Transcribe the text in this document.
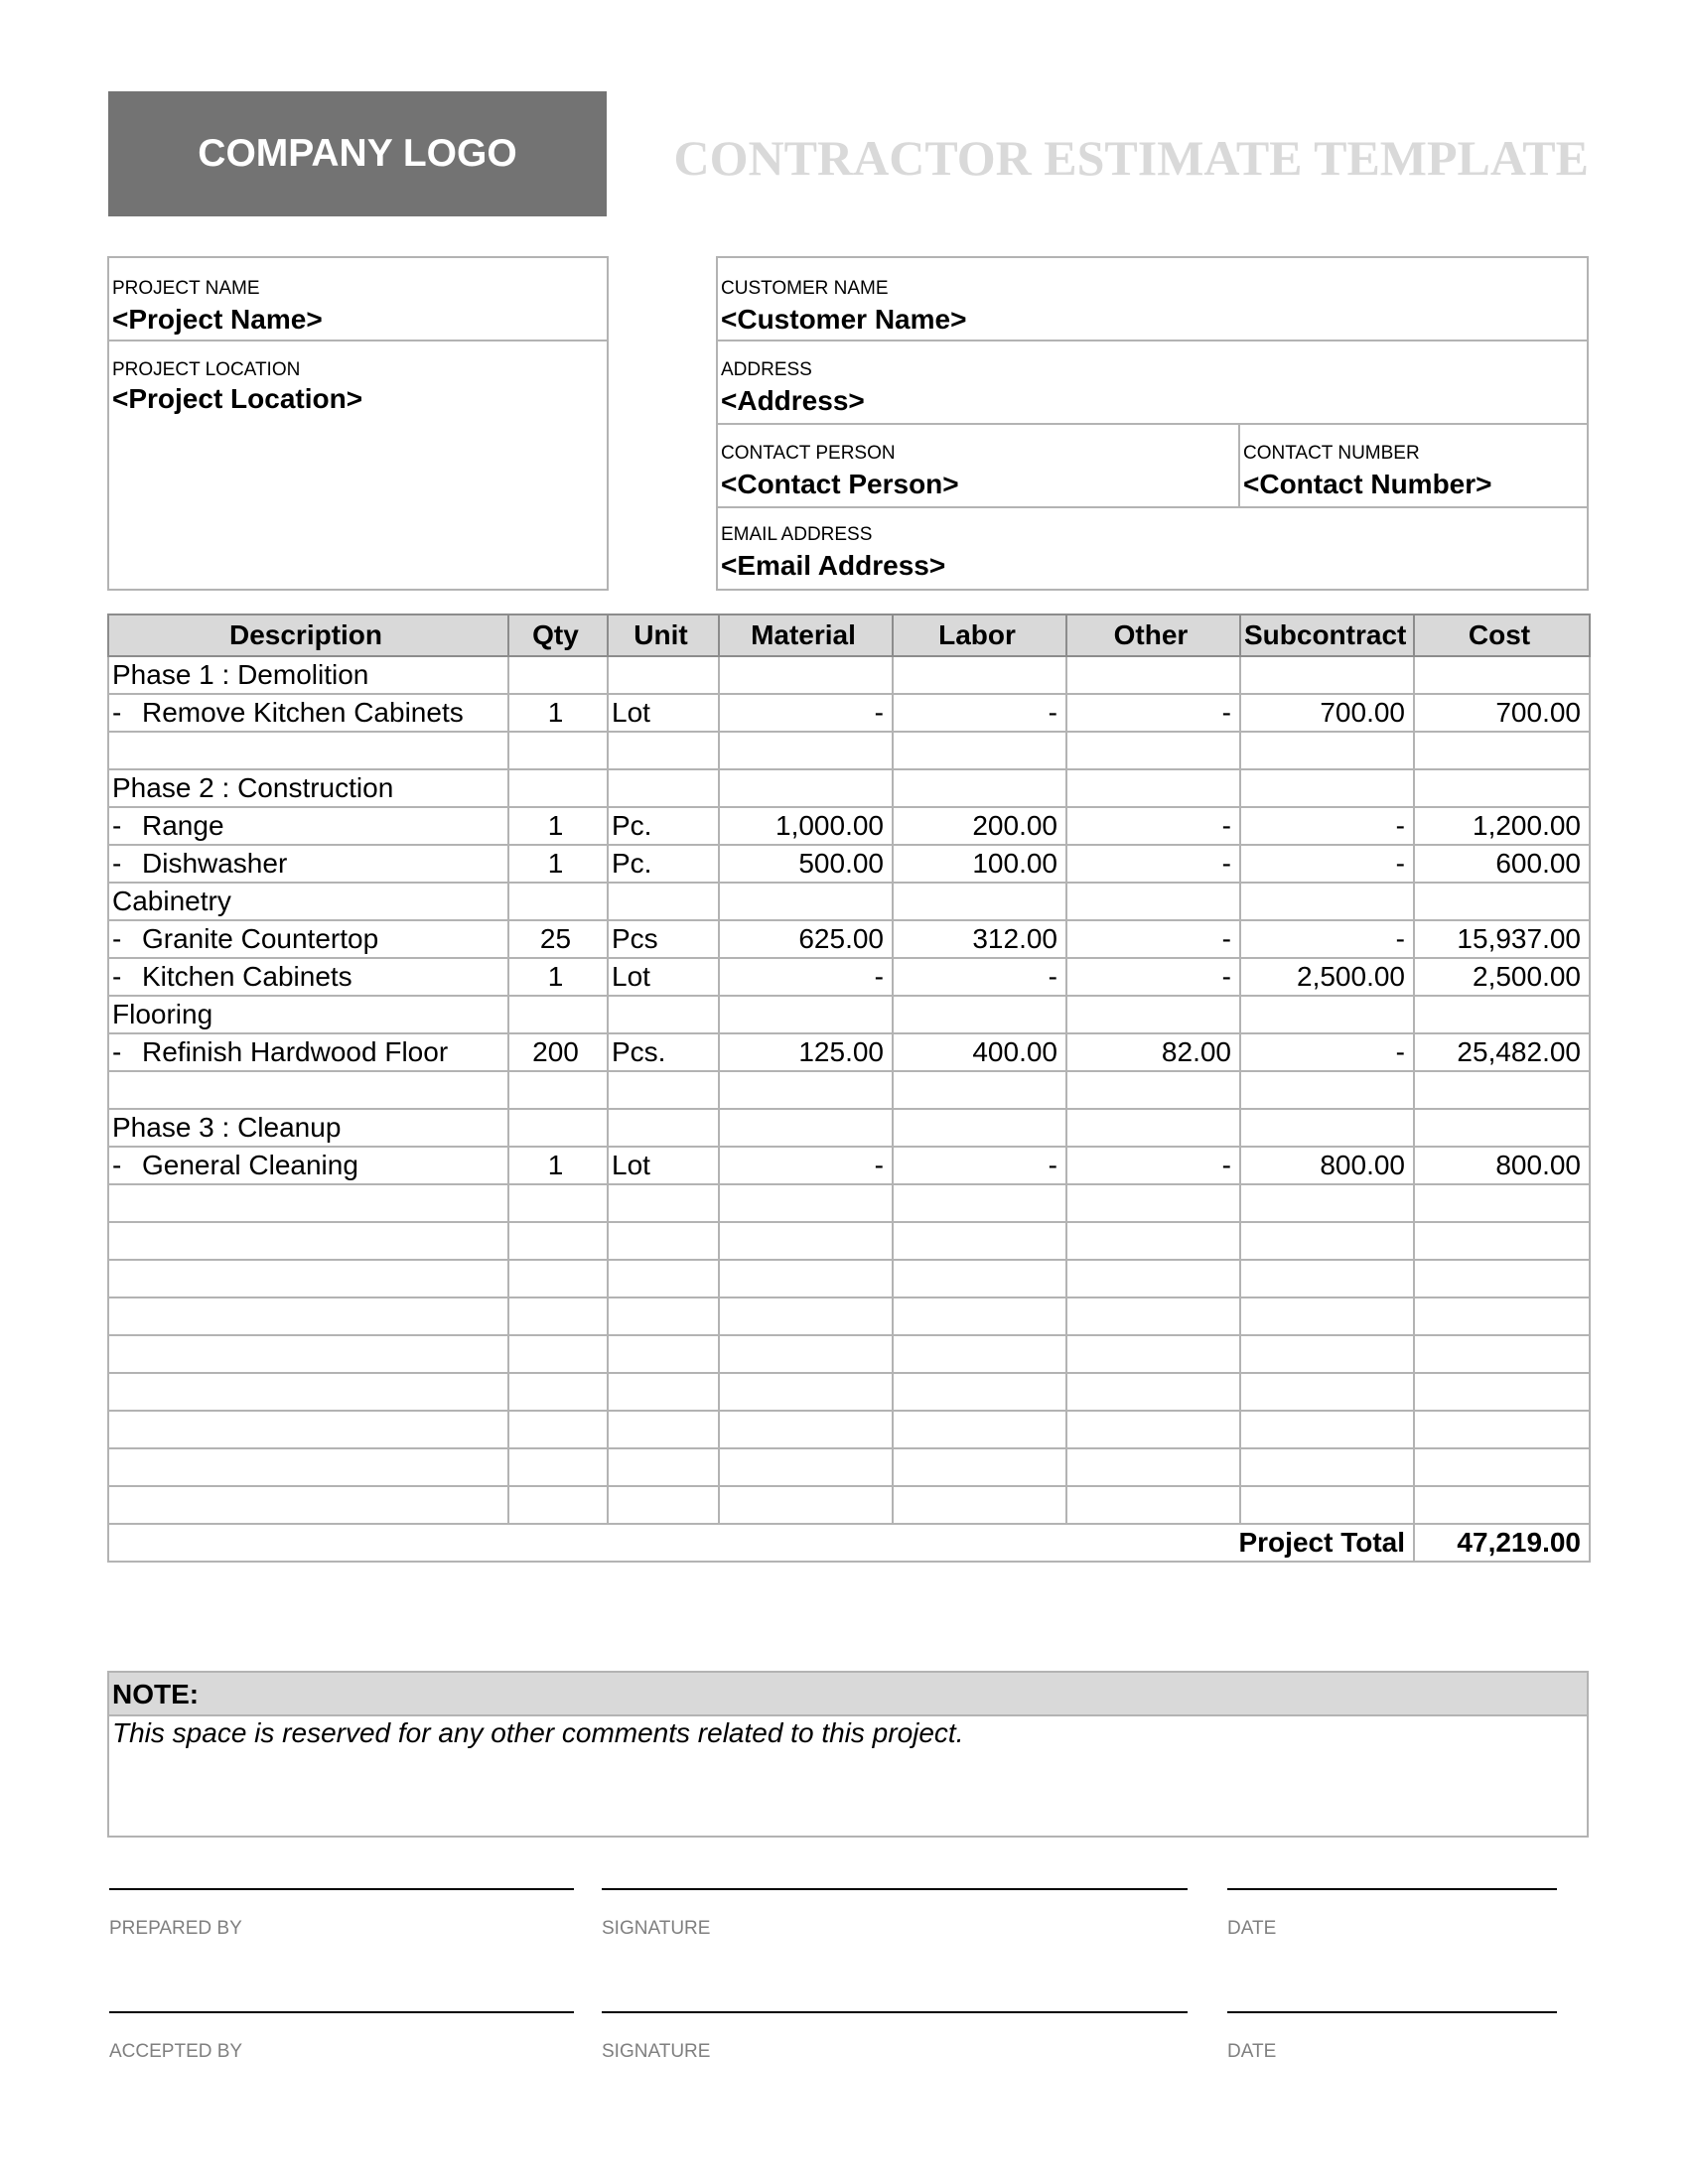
COMPANY LOGO	CONTRACTOR ESTIMATE TEMPLATE
PROJECT NAME
<Project Name>
PROJECT LOCATION
<Project Location>
CUSTOMER NAME
<Customer Name>
ADDRESS
<Address>
CONTACT PERSON
<Contact Person>
CONTACT NUMBER
<Contact Number>
EMAIL ADDRESS
<Email Address>
Description	Qty	Unit	Material	Labor	Other	Subcontract	Cost
Phase 1 : Demolition							
- Remove Kitchen Cabinets	1	Lot	-	-	-	700.00	700.00

Phase 2 : Construction							
- Range	1	Pc.	1,000.00	200.00	-	-	1,200.00
- Dishwasher	1	Pc.	500.00	100.00	-	-	600.00
Cabinetry							
- Granite Countertop	25	Pcs	625.00	312.00	-	-	15,937.00
- Kitchen Cabinets	1	Lot	-	-	-	2,500.00	2,500.00
Flooring							
- Refinish Hardwood Floor	200	Pcs.	125.00	400.00	82.00	-	25,482.00

Phase 3 : Cleanup							
- General Cleaning	1	Lot	-	-	-	800.00	800.00

Project Total							47,219.00
NOTE:
This space is reserved for any other comments related to this project.
PREPARED BY	SIGNATURE	DATE
ACCEPTED BY	SIGNATURE	DATE
